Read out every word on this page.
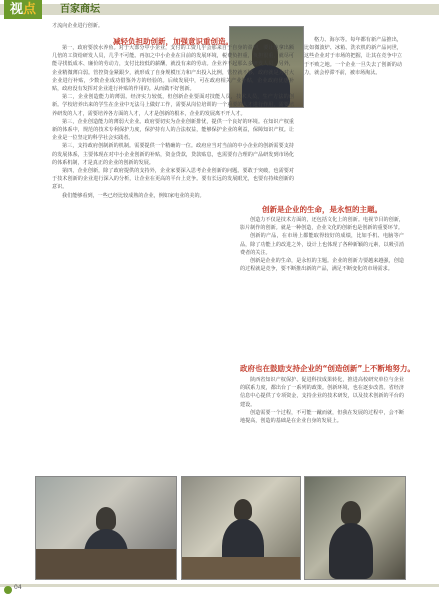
视点	百家商坛
才流向企业进行创新。
减轻负担助创新，加强意识重创造。

第一，政府要放水养鱼。对于大部分中小企业，支付的工资几乎会那来自于自身的盈利，要让他拿出额几倍的工资给研发人员，几乎不可能。再加之中小企业在目前的发展环境，税费负担重，负担很重，就尽可能寻找低成本、廉价的劳动力，支付比较低的薪酬，就没有来的劳动。企业养不起那么多研发人员。另外，企业精微薄白弱。管控资金紧跟少，就形成了自身规模压力和产出投入比例，管控就不够，政府就是为对大企业进行补贴，少数企业成功借鉴外方的经验的。后续发展中，可在政府相关产业补贴，企业政府优惠补贴，政府没有发挥对企业进行补贴的作用的。从而做不好创新。

第二，企业创造能力的薄弱。经济实力较低，但创新企业要面对技能人员，技术人员，生产方法的创新。学校培养出来的学生在企业中无法马上做好工作，需要从岗位培训的一个重要的人才进行作用，需要培养研发的人才，需要培养各方面的人才，人才是创新的根本，企业的发展离不开人才。

第三，企业创造能力的薄弱大企业。政府要切实为企业创新排忧，提供一个良好的环境。在知识产权重新的体系中，规范的技术专利保护力度，保护持有人的合法权益，能够保护企业的利益，保障知识产权。让企业是一位坚定的科学社会实践者。

第三，支持政府创制新的机制。需要提供一个精确的一位。政府应当对当前的中小企业的创新需要支持的发展体系，主要体现在对中小企业创新的补贴，资金贷款，贷款贴息，也需要有合理的产品研发到市场化的体系机制，才是真正的企业的创新的发展。

第四，企业创新，除了政府提供的支持外，企业家要深入思考企业创新的问题。要敢于突破，也需要对于技术创新的企业进行深入的分析，让企业在更高的平台上竞争。要有长远的发展眼光，也要有持续创新的意识。

我们能够看到，一些已经比较成熟的企业，例如家电业的美的。

格力、海尔等。每年都有新产品推出，比如微波炉、冰箱、洗衣机的新产品问世，这些企业对于市场的把握，让其在竞争中立于不败之地。一个企业一旦失去了创新的动力，就会停滞不前，被市场淘汰。

创新是企业的生命，是永恒的主题。

创造力不仅是技术方面的，还包括文化上的创新。电视节目的创新，影片制作的创新。就是一种创造，企业文化的创新也是创新的重要环节。

创新的产品，在市场上都能取得较好的成绩，比如手机、电脑等产品，除了功能上的改进之外，设计上也体现了各种新颖的元素，以吸引消费者的关注。

创新是企业的生命，是永恒的主题。企业的创新力要越来越强，创造的过程就是竞争，要不断推出新的产品，满足不断变化的市场需求。

政府也在鼓励支持企业的“创造创新”上不断地努力。

陕西省知识产权保护、促进科技成果转化，推进高校研究单位与企业的联系力度，都出台了一系列的政策。创新环境，也在逐步改善。省经济信息中心提供了专项资金，支持企业的技术研发，以及技术创新的平台的建设。

创造需要一个过程，不可能一蹴而就，但我在发展的过程中，会不断地提高，创造的基础是在企业自身的发展上。

04
